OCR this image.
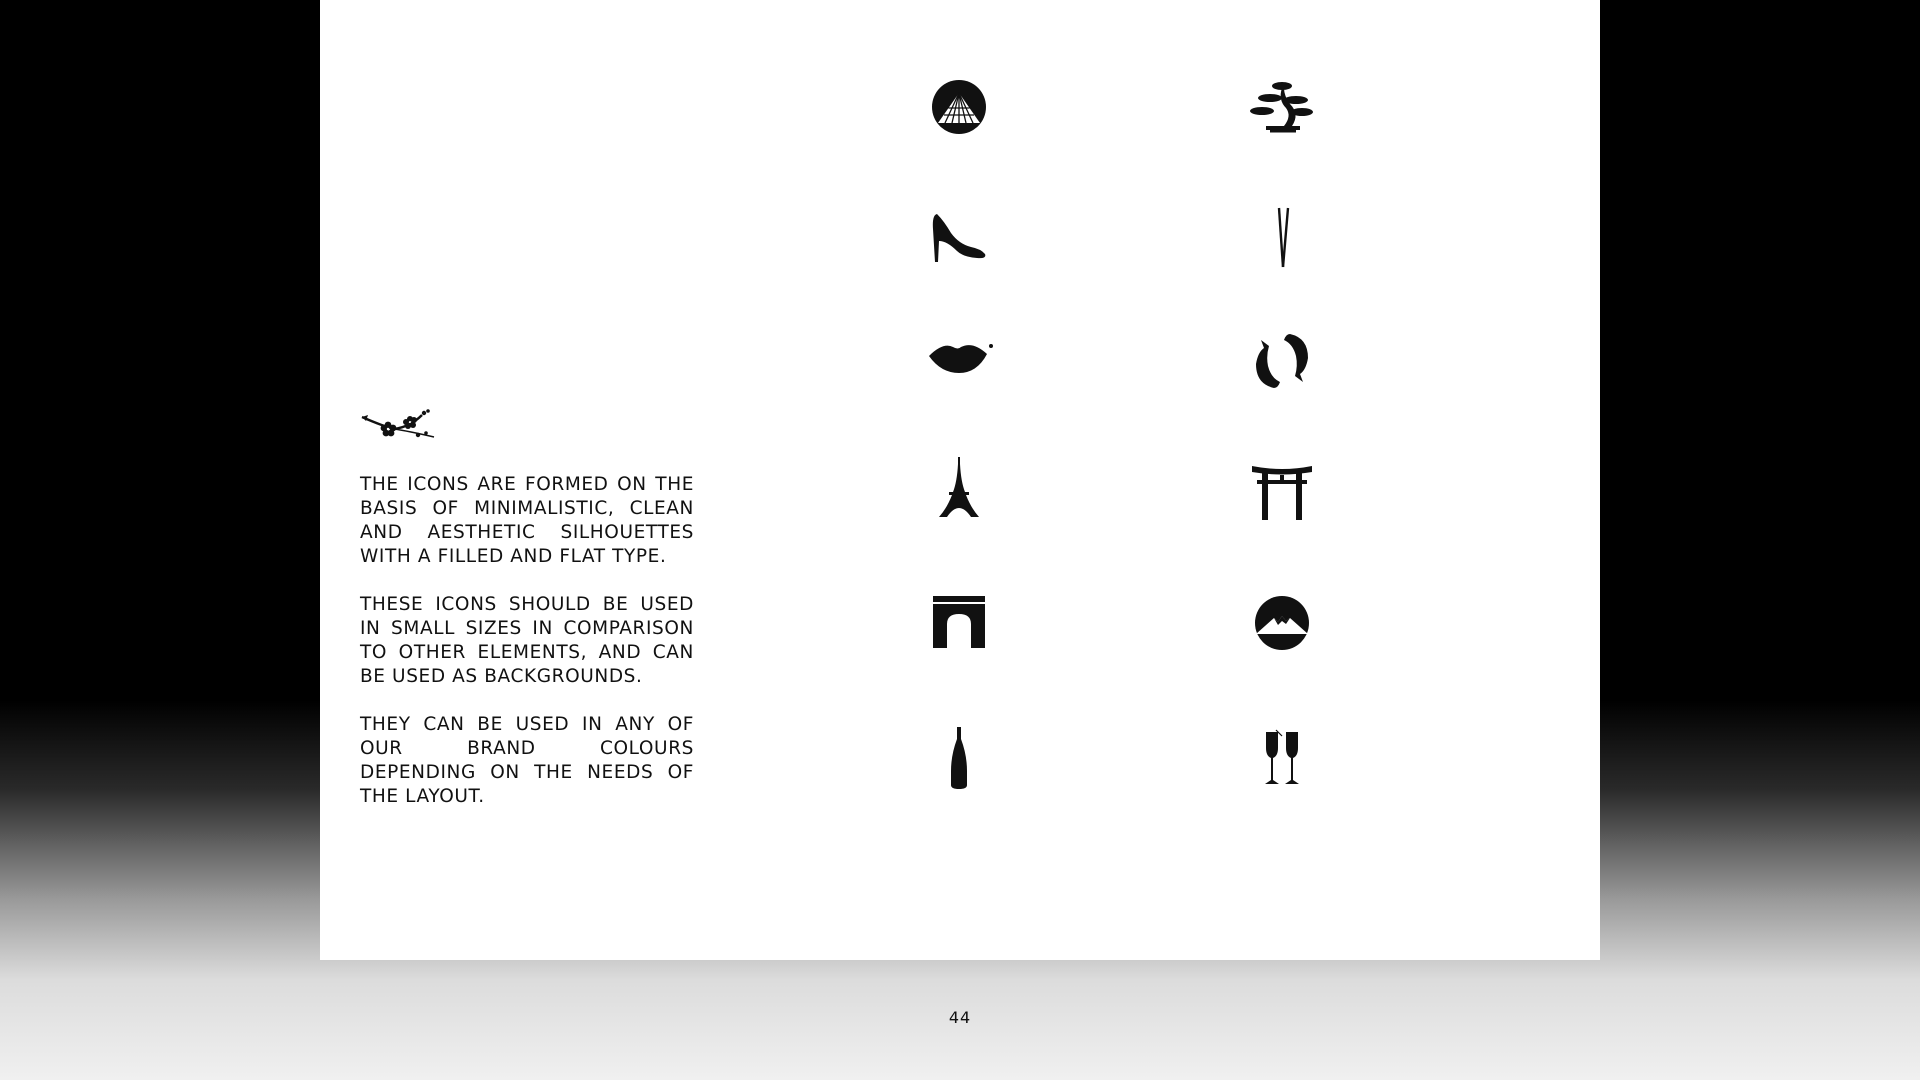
THE ICONS ARE FORMED ON THE BASIS OF MINIMALISTIC, CLEAN AND AESTHETIC SILHOUETTES WITH A FILLED AND FLAT TYPE.

THESE ICONS SHOULD BE USED IN SMALL SIZES IN COMPARISON TO OTHER ELEMENTS, AND CAN BE USED AS BACKGROUNDS.

THEY CAN BE USED IN ANY OF OUR BRAND COLOURS DEPENDING ON THE NEEDS OF THE LAYOUT.

44
